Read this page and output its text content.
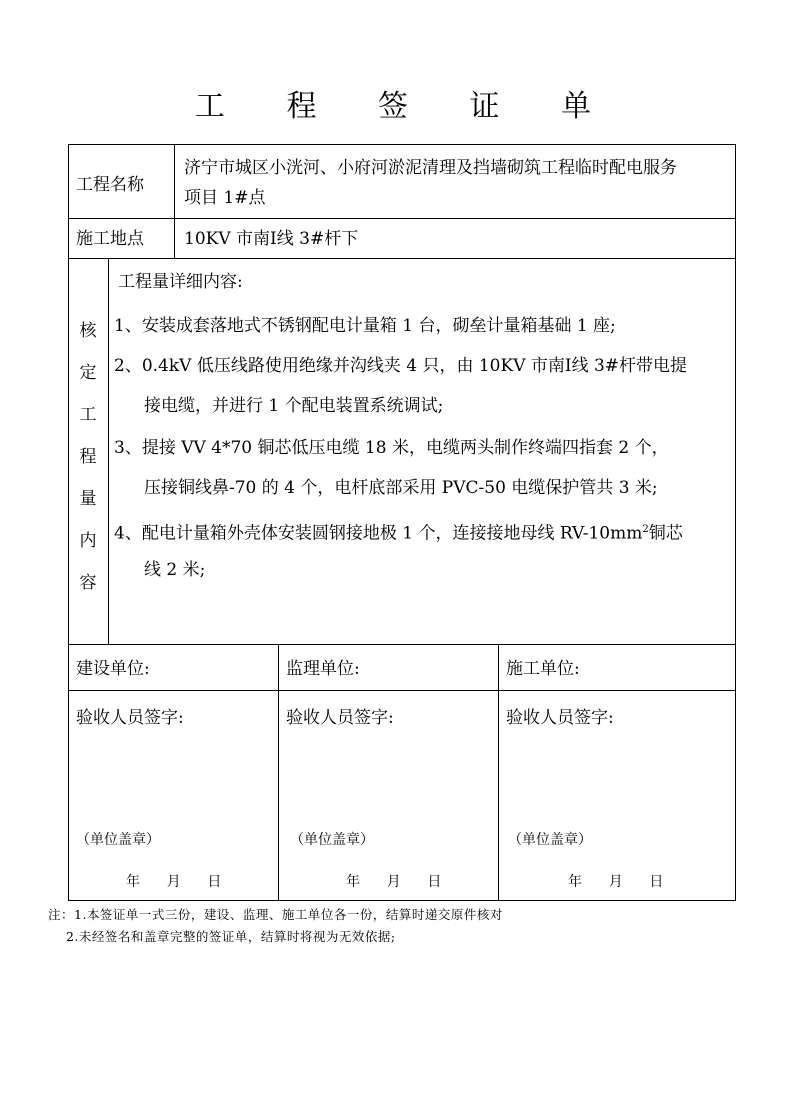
工 程 签 证 单
工程名称
济宁市城区小洸河、小府河淤泥清理及挡墙砌筑工程临时配电服务
项目 1#点
施工地点 10KV 市南Ⅰ线 3#杆下
核
定
工
程
量
内
容
工程量详细内容:
1、安装成套落地式不锈钢配电计量箱 1 台，砌垒计量箱基础 1 座;
2、0.4kV 低压线路使用绝缘并沟线夹 4 只，由 10KV 市南Ⅰ线 3#杆带电提
接电缆，并进行 1 个配电装置系统调试;
3、提接 VV 4*70 铜芯低压电缆 18 米，电缆两头制作终端四指套 2 个，
压接铜线鼻-70 的 4 个，电杆底部采用 PVC-50 电缆保护管共 3 米;
4、配电计量箱外壳体安装圆钢接地极 1 个，连接接地母线 $RV-10mm^2$铜芯
线 2 米;
建设单位:
验收人员签字:
（单位盖章）
年      月      日
监理单位:
验收人员签字:
（单位盖章）
年      月      日
施工单位:
验收人员签字:
（单位盖章）
年      月      日
注：1.本签证单一式三份，建设、监理、施工单位各一份，结算时递交原件核对
2.未经签名和盖章完整的签证单，结算时将视为无效依据;
